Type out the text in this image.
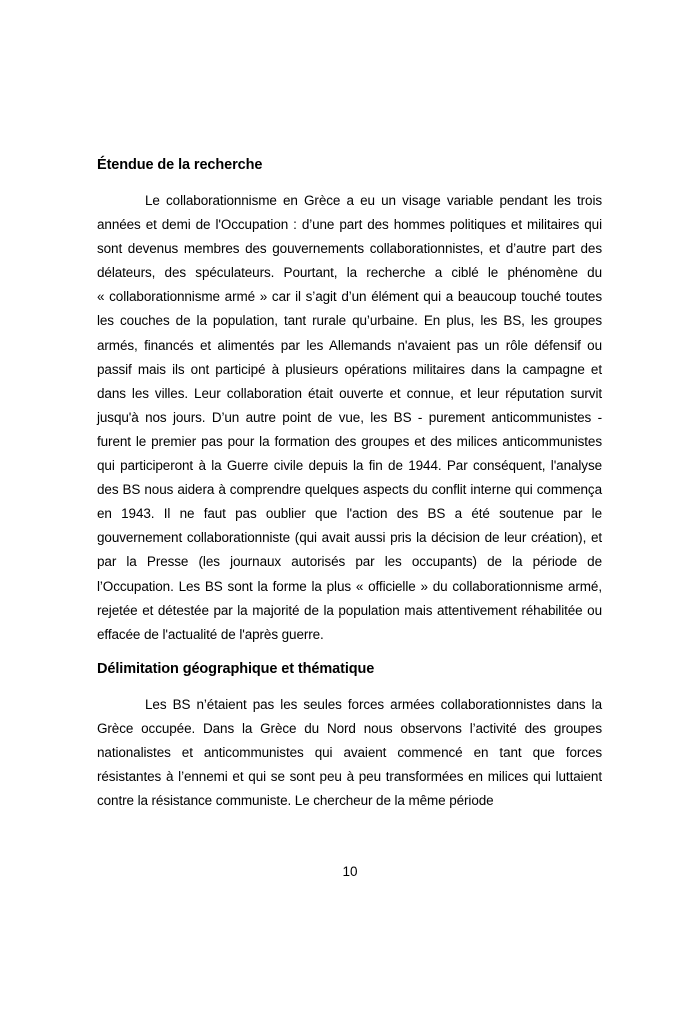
Étendue de la recherche

Le collaborationnisme en Grèce a eu un visage variable pendant les trois années et demi de l'Occupation : d’une part des hommes politiques et militaires qui sont devenus membres des gouvernements collaborationnistes, et d’autre part des délateurs, des spéculateurs. Pourtant, la recherche a ciblé le phénomène du « collaborationnisme armé » car il s’agit d’un élément qui a beaucoup touché toutes les couches de la population, tant rurale qu’urbaine. En plus, les BS, les groupes armés, financés et alimentés par les Allemands n'avaient pas un rôle défensif ou passif mais ils ont participé à plusieurs opérations militaires dans la campagne et dans les villes. Leur collaboration était ouverte et connue, et leur réputation survit jusqu'à nos jours. D’un autre point de vue, les BS - purement anticommunistes - furent le premier pas pour la formation des groupes et des milices anticommunistes qui participeront à la Guerre civile depuis la fin de 1944. Par conséquent, l'analyse des BS nous aidera à comprendre quelques aspects du conflit interne qui commença en 1943. Il ne faut pas oublier que l'action des BS a été soutenue par le gouvernement collaborationniste (qui avait aussi pris la décision de leur création), et par la Presse (les journaux autorisés par les occupants) de la période de l’Occupation. Les BS sont la forme la plus « officielle » du collaborationnisme armé, rejetée et détestée par la majorité de la population mais attentivement réhabilitée ou effacée de l'actualité de l'après guerre.

Délimitation géographique et thématique

Les BS n’étaient pas les seules forces armées collaborationnistes dans la Grèce occupée. Dans la Grèce du Nord nous observons l’activité des groupes nationalistes et anticommunistes qui avaient commencé en tant que forces résistantes à l’ennemi et qui se sont peu à peu transformées en milices qui luttaient contre la résistance communiste. Le chercheur de la même période

10
